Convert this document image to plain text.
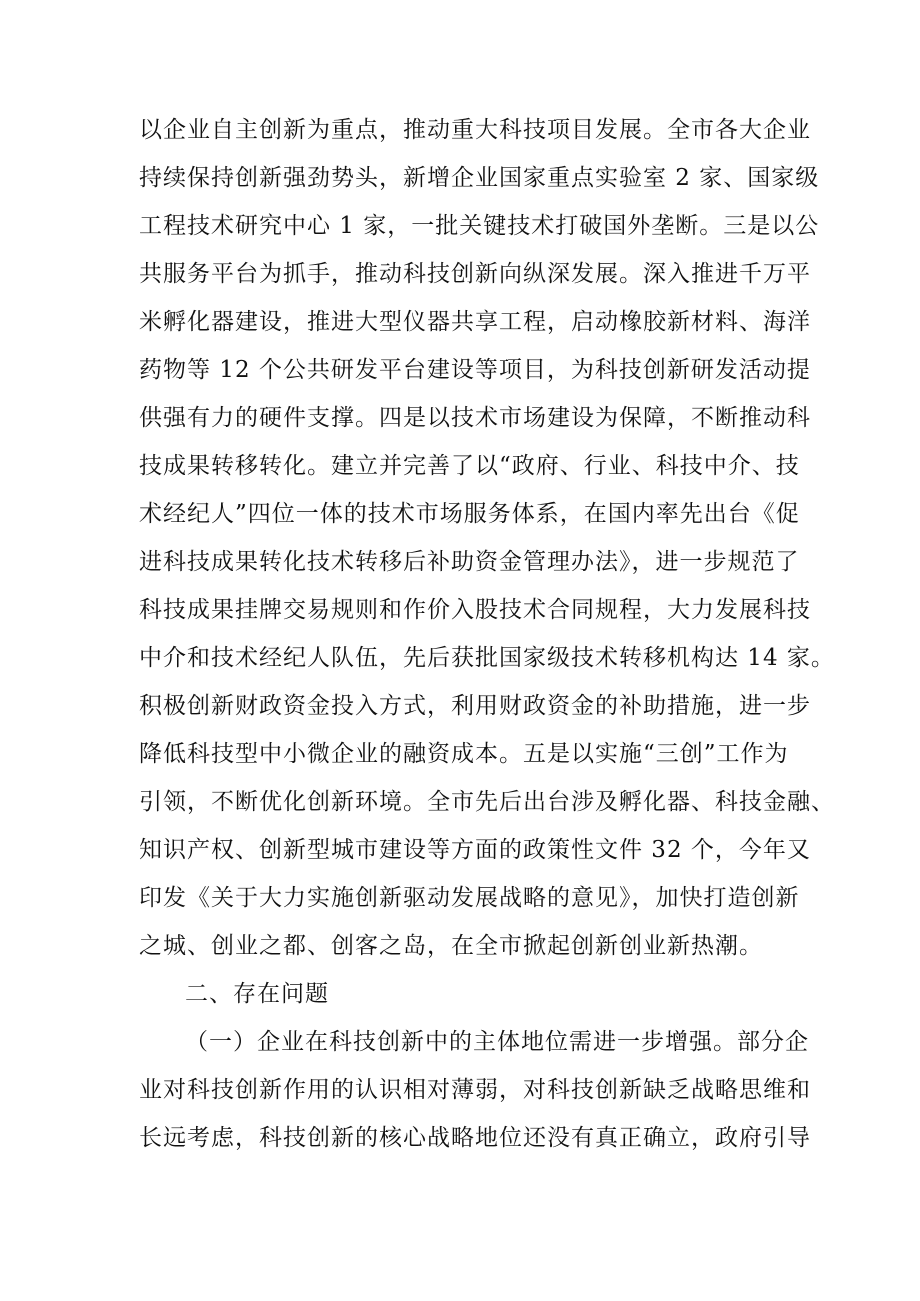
以企业自主创新为重点，推动重大科技项目发展。全市各大企业
持续保持创新强劲势头，新增企业国家重点实验室 2 家、国家级
工程技术研究中心 1 家，一批关键技术打破国外垄断。三是以公
共服务平台为抓手，推动科技创新向纵深发展。深入推进千万平
米孵化器建设，推进大型仪器共享工程，启动橡胶新材料、海洋
药物等 12 个公共研发平台建设等项目，为科技创新研发活动提
供强有力的硬件支撑。四是以技术市场建设为保障，不断推动科
技成果转移转化。建立并完善了以“政府、行业、科技中介、技
术经纪人”四位一体的技术市场服务体系，在国内率先出台《促
进科技成果转化技术转移后补助资金管理办法》，进一步规范了
科技成果挂牌交易规则和作价入股技术合同规程，大力发展科技
中介和技术经纪人队伍，先后获批国家级技术转移机构达 14 家。
积极创新财政资金投入方式，利用财政资金的补助措施，进一步
降低科技型中小微企业的融资成本。五是以实施“三创”工作为
引领，不断优化创新环境。全市先后出台涉及孵化器、科技金融、
知识产权、创新型城市建设等方面的政策性文件 32 个，今年又
印发《关于大力实施创新驱动发展战略的意见》，加快打造创新
之城、创业之都、创客之岛，在全市掀起创新创业新热潮。
二、存在问题
（一）企业在科技创新中的主体地位需进一步增强。部分企
业对科技创新作用的认识相对薄弱，对科技创新缺乏战略思维和
长远考虑，科技创新的核心战略地位还没有真正确立，政府引导
